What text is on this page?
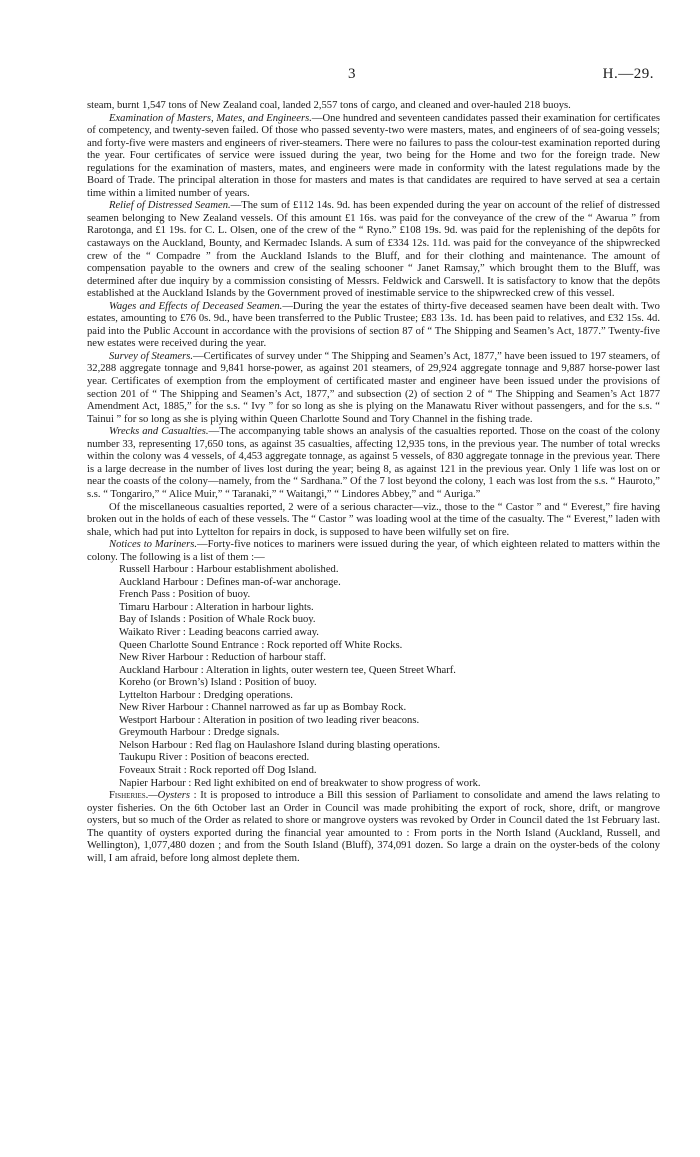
3	H.—29.

steam, burnt 1,547 tons of New Zealand coal, landed 2,557 tons of cargo, and cleaned and over-hauled 218 buoys.

Examination of Masters, Mates, and Engineers.—One hundred and seventeen candidates passed their examination for certificates of competency, and twenty-seven failed. Of those who passed seventy-two were masters, mates, and engineers of of sea-going vessels; and forty-five were masters and engineers of river-steamers. There were no failures to pass the colour-test examination reported during the year. Four certificates of service were issued during the year, two being for the Home and two for the foreign trade. New regulations for the examination of masters, mates, and engineers were made in conformity with the latest regulations made by the Board of Trade. The principal alteration in those for masters and mates is that candidates are required to have served at sea a certain time within a limited number of years.

Relief of Distressed Seamen.—The sum of £112 14s. 9d. has been expended during the year on account of the relief of distressed seamen belonging to New Zealand vessels. Of this amount £1 16s. was paid for the conveyance of the crew of the “ Awarua ” from Rarotonga, and £1 19s. for C. L. Olsen, one of the crew of the “ Ryno.” £108 19s. 9d. was paid for the replenishing of the depôts for castaways on the Auckland, Bounty, and Kermadec Islands. A sum of £334 12s. 11d. was paid for the conveyance of the shipwrecked crew of the “ Compadre ” from the Auckland Islands to the Bluff, and for their clothing and maintenance. The amount of compensation payable to the owners and crew of the sealing schooner “ Janet Ramsay,” which brought them to the Bluff, was determined after due inquiry by a commission consisting of Messrs. Feldwick and Carswell. It is satisfactory to know that the depôts established at the Auckland Islands by the Government proved of inestimable service to the shipwrecked crew of this vessel.

Wages and Effects of Deceased Seamen.—During the year the estates of thirty-five deceased seamen have been dealt with. Two estates, amounting to £76 0s. 9d., have been transferred to the Public Trustee; £83 13s. 1d. has been paid to relatives, and £32 15s. 4d. paid into the Public Account in accordance with the provisions of section 87 of “ The Shipping and Seamen’s Act, 1877.” Twenty-five new estates were received during the year.

Survey of Steamers.—Certificates of survey under “ The Shipping and Seamen’s Act, 1877,” have been issued to 197 steamers, of 32,288 aggregate tonnage and 9,841 horse-power, as against 201 steamers, of 29,924 aggregate tonnage and 9,887 horse-power last year. Certificates of exemption from the employment of certificated master and engineer have been issued under the provisions of section 201 of “ The Shipping and Seamen’s Act, 1877,” and subsection (2) of section 2 of “ The Shipping and Seamen’s Act 1877 Amendment Act, 1885,” for the s.s. “ Ivy ” for so long as she is plying on the Manawatu River without passengers, and for the s.s. “ Tainui ” for so long as she is plying within Queen Charlotte Sound and Tory Channel in the fishing trade.

Wrecks and Casualties.—The accompanying table shows an analysis of the casualties reported. Those on the coast of the colony number 33, representing 17,650 tons, as against 35 casualties, affecting 12,935 tons, in the previous year. The number of total wrecks within the colony was 4 vessels, of 4,453 aggregate tonnage, as against 5 vessels, of 830 aggregate tonnage in the previous year. There is a large decrease in the number of lives lost during the year; being 8, as against 121 in the previous year. Only 1 life was lost on or near the coasts of the colony—namely, from the “ Sardhana.” Of the 7 lost beyond the colony, 1 each was lost from the s.s. “ Hauroto,” s.s. “ Tongariro,” “ Alice Muir,” “ Taranaki,” “ Waitangi,” “ Lindores Abbey,” and “ Auriga.”

Of the miscellaneous casualties reported, 2 were of a serious character—viz., those to the “ Castor ” and “ Everest,” fire having broken out in the holds of each of these vessels. The “ Castor ” was loading wool at the time of the casualty. The “ Everest,” laden with shale, which had put into Lyttelton for repairs in dock, is supposed to have been wilfully set on fire.

Notices to Mariners.—Forty-five notices to mariners were issued during the year, of which eighteen related to matters within the colony. The following is a list of them :—

Russell Harbour : Harbour establishment abolished.
Auckland Harbour : Defines man-of-war anchorage.
French Pass : Position of buoy.
Timaru Harbour : Alteration in harbour lights.
Bay of Islands : Position of Whale Rock buoy.
Waikato River : Leading beacons carried away.
Queen Charlotte Sound Entrance : Rock reported off White Rocks.
New River Harbour : Reduction of harbour staff.
Auckland Harbour : Alteration in lights, outer western tee, Queen Street Wharf.
Koreho (or Brown’s) Island : Position of buoy.
Lyttelton Harbour : Dredging operations.
New River Harbour : Channel narrowed as far up as Bombay Rock.
Westport Harbour : Alteration in position of two leading river beacons.
Greymouth Harbour : Dredge signals.
Nelson Harbour : Red flag on Haulashore Island during blasting operations.
Taukupu River : Position of beacons erected.
Foveaux Strait : Rock reported off Dog Island.
Napier Harbour : Red light exhibited on end of breakwater to show progress of work.

Fisheries.—Oysters : It is proposed to introduce a Bill this session of Parliament to consolidate and amend the laws relating to oyster fisheries. On the 6th October last an Order in Council was made prohibiting the export of rock, shore, drift, or mangrove oysters, but so much of the Order as related to shore or mangrove oysters was revoked by Order in Council dated the 1st February last. The quantity of oysters exported during the financial year amounted to : From ports in the North Island (Auckland, Russell, and Wellington), 1,077,480 dozen ; and from the South Island (Bluff), 374,091 dozen. So large a drain on the oyster-beds of the colony will, I am afraid, before long almost deplete them.
